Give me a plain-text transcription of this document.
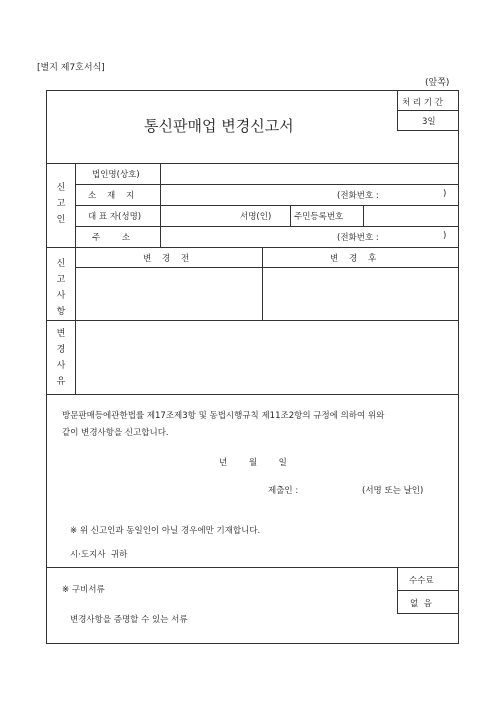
[별지 제7호서식]
(앞쪽)
처 리 기 간
3일
통신판매업 변경신고서
신
고
인
법인명(상호)
소    재    지	(전화번호 :	)
대 표 자(성명)	서명(인)	주민등록번호
주        소	(전화번호 :	)
신
고
사
항
변    경    전	변    경    후
변
경
사
유
방문판매등에관한법률 제17조제3항 및 동법시행규칙 제11조2항의 규정에 의하여 위와
같이 변경사항을 신고합니다.
년        월        일
제출인 :	(서명 또는 날인)
※ 위 신고인과 동일인이 아닐 경우에만 기재합니다.
시·도지사  귀하
수수료
없  음
※ 구비서류
변경사항을 증명할 수 있는 서류
